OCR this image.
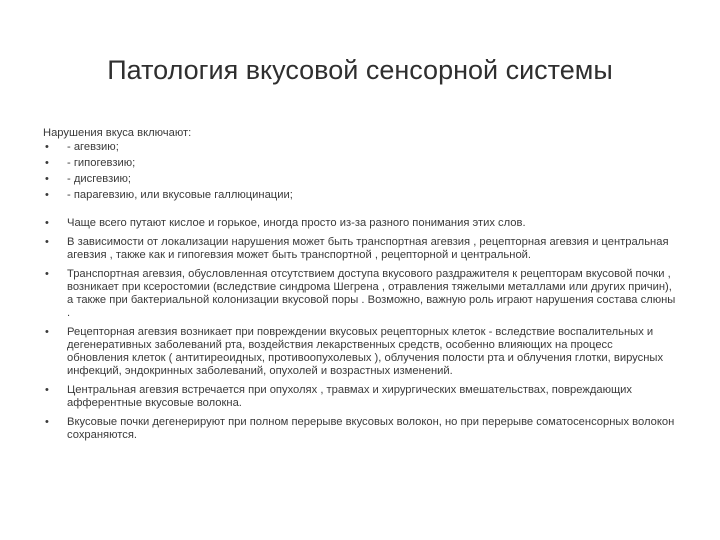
Патология вкусовой сенсорной системы
Нарушения вкуса включают:
•	- агевзию;
•	- гипогевзию;
•	- дисгевзию;
•	- парагевзию, или вкусовые галлюцинации;
•	Чаще всего путают кислое и горькое, иногда просто из-за разного понимания этих слов.
•	В зависимости от локализации нарушения может быть транспортная агевзия , рецепторная агевзия и центральная агевзия , также как и гипогевзия может быть транспортной , рецепторной и центральной.
•	Транспортная агевзия, обусловленная отсутствием доступа вкусового раздражителя к рецепторам вкусовой почки , возникает при ксеростомии (вследствие синдрома Шегрена , отравления тяжелыми металлами или других причин), а также при бактериальной колонизации вкусовой поры . Возможно, важную роль играют нарушения состава слюны .
•	Рецепторная агевзия возникает при повреждении вкусовых рецепторных клеток - вследствие воспалительных и дегенеративных заболеваний рта, воздействия лекарственных средств, особенно влияющих на процесс обновления клеток ( антитиреоидных, противоопухолевых ), облучения полости рта и облучения глотки, вирусных инфекций, эндокринных заболеваний, опухолей и возрастных изменений.
•	Центральная агевзия встречается при опухолях , травмах и хирургических вмешательствах, повреждающих афферентные вкусовые волокна.
•	Вкусовые почки дегенерируют при полном перерыве вкусовых волокон, но при перерыве соматосенсорных волокон сохраняются.
